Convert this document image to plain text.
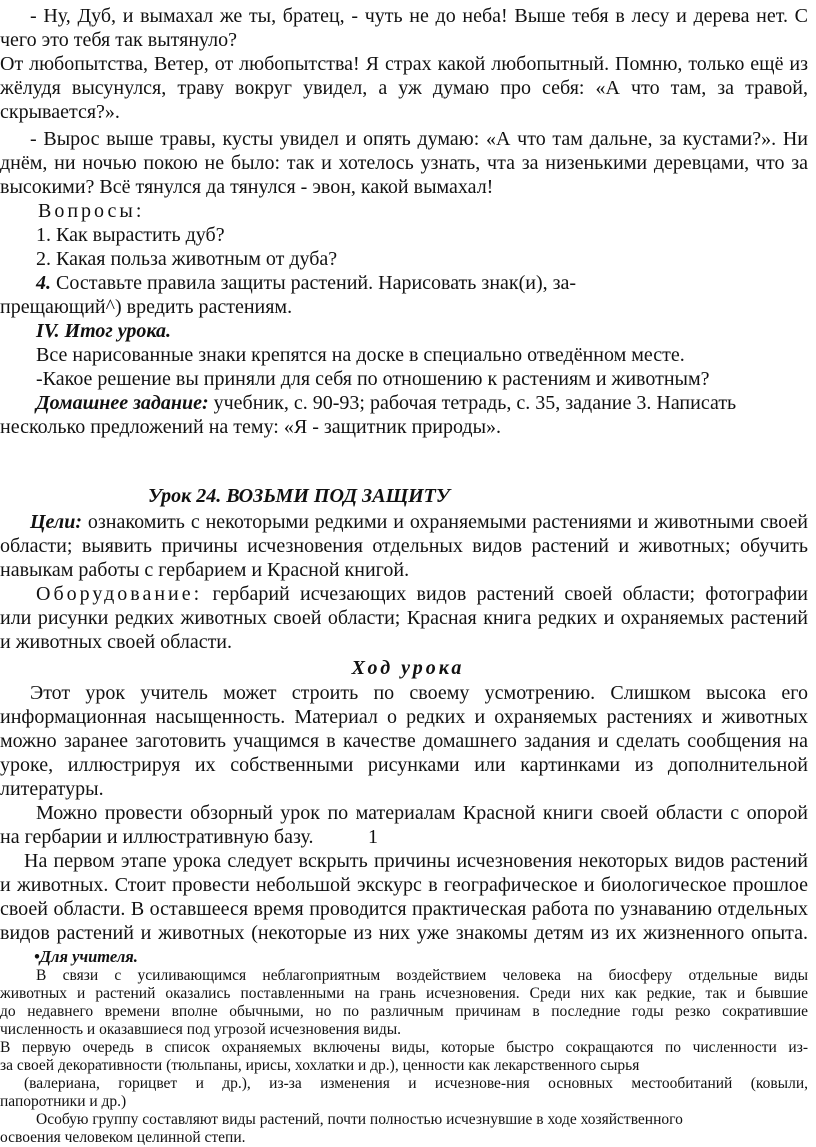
- Ну, Дуб, и вымахал же ты, братец, - чуть не до неба! Выше тебя в лесу и дерева нет. С
чего это тебя так вытянуло?
От любопытства, Ветер, от любопытства! Я страх какой любопытный. Помню, только ещё из
жёлудя высунулся, траву вокруг увидел, а уж думаю про себя: «А что там, за травой,
скрывается?».
- Вырос выше травы, кусты увидел и опять думаю: «А что там дальне, за кустами?». Ни
днём, ни ночью покою не было: так и хотелось узнать, чта за низенькими деревцами, что за
высокими? Всё тянулся да тянулся - эвон, какой вымахал!
Вопросы:
1. Как вырастить дуб?
2. Какая польза животным от дуба?
4. Составьте правила защиты растений. Нарисовать знак(и), за-
прещающий^) вредить растениям.
IV. Итог урока.
Все нарисованные знаки крепятся на доске в специально отведённом месте.
-Какое решение вы приняли для себя по отношению к растениям и животным?
Домашнее задание: учебник, с. 90-93; рабочая тетрадь, с. 35, задание 3. Написать
несколько предложений на тему: «Я - защитник природы».
Урок 24. ВОЗЬМИ ПОД ЗАЩИТУ
Цели: ознакомить с некоторыми редкими и охраняемыми растениями и животными своей
области; выявить причины исчезновения отдельных видов растений и животных; обучить
навыкам работы с гербарием и Красной книгой.
Оборудование: гербарий исчезающих видов растений своей области; фотографии
или рисунки редких животных своей области; Красная книга редких и охраняемых растений
и животных своей области.
Ход урока
Этот урок учитель может строить по своему усмотрению. Слишком высока его
информационная насыщенность. Материал о редких и охраняемых растениях и животных
можно заранее заготовить учащимся в качестве домашнего задания и сделать сообщения на
уроке, иллюстрируя их собственными рисунками или картинками из дополнительной
литературы.
Можно провести обзорный урок по материалам Красной книги своей области с опорой
на гербарии и иллюстративную базу.	1
На первом этапе урока следует вскрыть причины исчезновения некоторых видов растений
и животных. Стоит провести небольшой экскурс в географическое и биологическое прошлое
своей области. В оставшееся время проводится практическая работа по узнаванию отдельных
видов растений и животных (некоторые из них уже знакомы детям из их жизненного опыта.
•Для учителя.
В связи с усиливающимся неблагоприятным воздействием человека на биосферу отдельные виды
животных и растений оказались поставленными на грань исчезновения. Среди них как редкие, так и бывшие
до недавнего времени вполне обычными, но по различным причинам в последние годы резко сократившие
численность и оказавшиеся под угрозой исчезновения виды.
В первую очередь в список охраняемых включены виды, которые быстро сокращаются по численности из-
за своей декоративности (тюльпаны, ирисы, хохлатки и др.), ценности как лекарственного сырья
(валериана, горицвет и др.), из-за изменения и исчезнове-ния основных местообитаний (ковыли,
папоротники и др.)
Особую группу составляют виды растений, почти полностью исчезнувшие в ходе хозяйственного
освоения человеком целинной степи.
